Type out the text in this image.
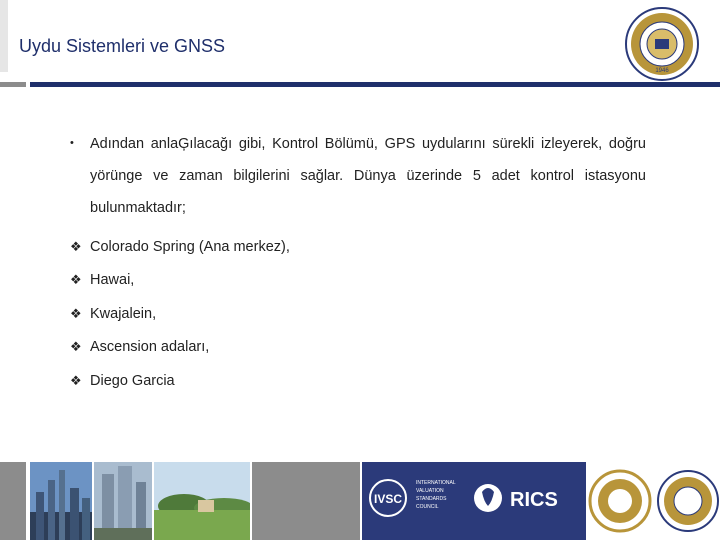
Uydu Sistemleri ve GNSS
1946
•	Adından anlaĢılacağı gibi, Kontrol Bölümü, GPS uydularını sürekli izleyerek, doğru yörünge ve zaman bilgilerini sağlar. Dünya üzerinde 5 adet kontrol istasyonu bulunmaktadır;
❖ Colorado Spring (Ana merkez),
❖ Hawai,
❖ Kwajalein,
❖ Ascension adaları,
❖ Diego Garcia
IVSC
INTERNATIONAL
VALUATION
STANDARDS
COUNCIL	RICS
